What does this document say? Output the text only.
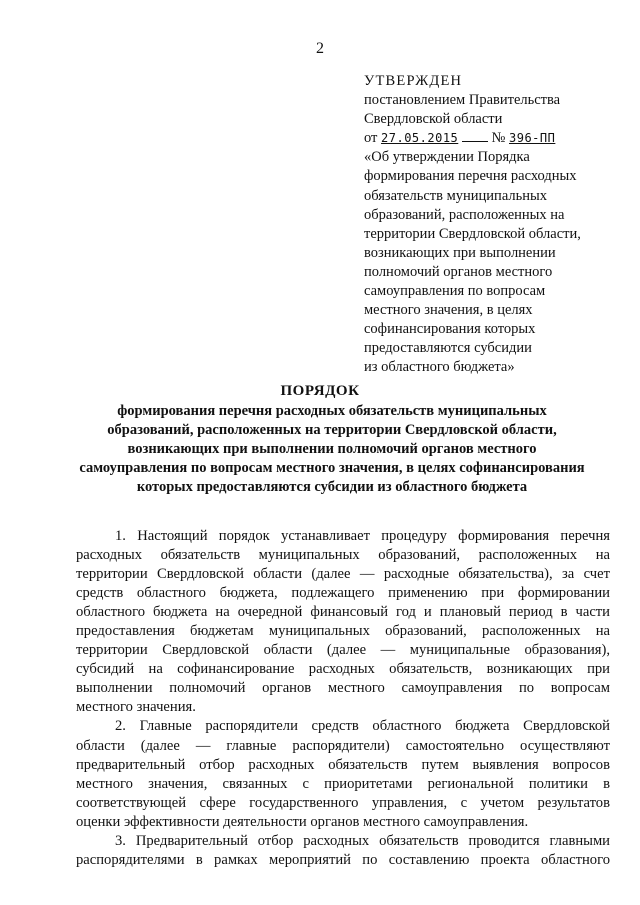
2
УТВЕРЖДЕН
постановлением Правительства
Свердловской области
от 27.05.2015 № 396-ПП
«Об утверждении Порядка
формирования перечня расходных
обязательств муниципальных
образований, расположенных на
территории Свердловской области,
возникающих при выполнении
полномочий органов местного
самоуправления по вопросам
местного значения, в целях
софинансирования которых
предоставляются субсидии
из областного бюджета»
ПОРЯДОК
формирования перечня расходных обязательств муниципальных
образований, расположенных на территории Свердловской области,
возникающих при выполнении полномочий органов местного
самоуправления по вопросам местного значения, в целях софинансирования
которых предоставляются субсидии из областного бюджета
1. Настоящий порядок устанавливает процедуру формирования перечня
расходных обязательств муниципальных образований, расположенных на
территории Свердловской области (далее — расходные обязательства), за счет
средств областного бюджета, подлежащего применению при формировании
областного бюджета на очередной финансовый год и плановый период в части
предоставления бюджетам муниципальных образований, расположенных на
территории Свердловской области (далее — муниципальные образования),
субсидий на софинансирование расходных обязательств, возникающих при
выполнении полномочий органов местного самоуправления по вопросам
местного значения.
2. Главные распорядители средств областного бюджета Свердловской
области (далее — главные распорядители) самостоятельно осуществляют
предварительный отбор расходных обязательств путем выявления вопросов
местного значения, связанных с приоритетами региональной политики в
соответствующей сфере государственного управления, с учетом результатов
оценки эффективности деятельности органов местного самоуправления.
3. Предварительный отбор расходных обязательств проводится главными
распорядителями в рамках мероприятий по составлению проекта областного
